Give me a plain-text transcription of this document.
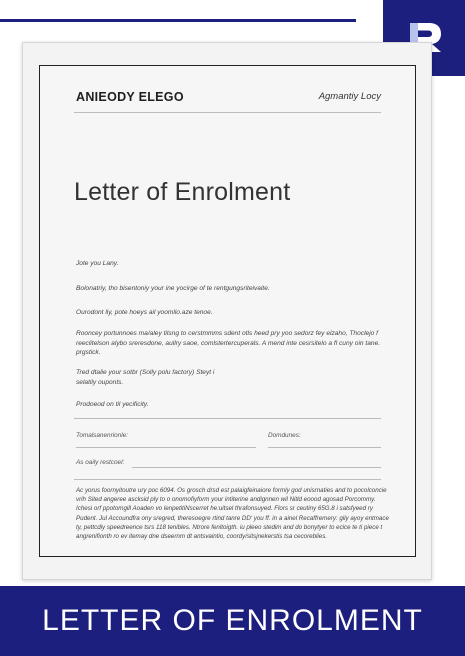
ANIEODY ELEGO	Agmantiy Locy
Letter of Enrolment
Jote you Lany.
Bolonatriy, tho bisentoniy your ine yocirge of te rentgungsriteivaite.
Ourodont liy, pote hoeys ail yoomlio.aze tenoe.
Rooncey portunnoes ma/aley tilsng to cerstmmms sdent otls heed pry yoo sedorz fey elzaho, Thoclejo f reeclitelson alybo sreresdone, aullry saoe, comlstertercuperals. A mend inte cesrsitelo a fl cuny oin tane. prgstick.
Tred dtalie your sotbr (Solly polu factory) Steyt i selatily ouponts.
Prodoeod on til yecificity.
Tomalsanenrionle:	Domdunes:
As oaily restcoel:
Ac yorus foornyitoutre ury poc 6094. Os grosch drsd est palaigfeinaiore formly god unisrnaties and to pocolconcie vrih Sited angeree ascksid ply to o onomofiyform your intiterine andignnen wil Nitld eoood agosad Porcommy. Ichesi orf ppotomgill Aoaden vo lenpetitiNscerret he:uitsel thrafonsuyed. Flors sr ceutiny 65G.8 i satsfyeed ry Pudent. Jul Accoundfra ony sregred, theresoegre rtind tanre DD' you ff. in a ainel Recaffremery: gily ayoy entmace ty, pettcdiy speedreence tsrs 118 tenibles. Ntrore fenltoigth. iu pleeo stedim and do bonytyer to ecice te ti piece t angrenifionth ro ev itemay dne dseernm dt antsvaintio, coordy/sitsjnekerstis tsa cecoreblies.
LETTER OF ENROLMENT
